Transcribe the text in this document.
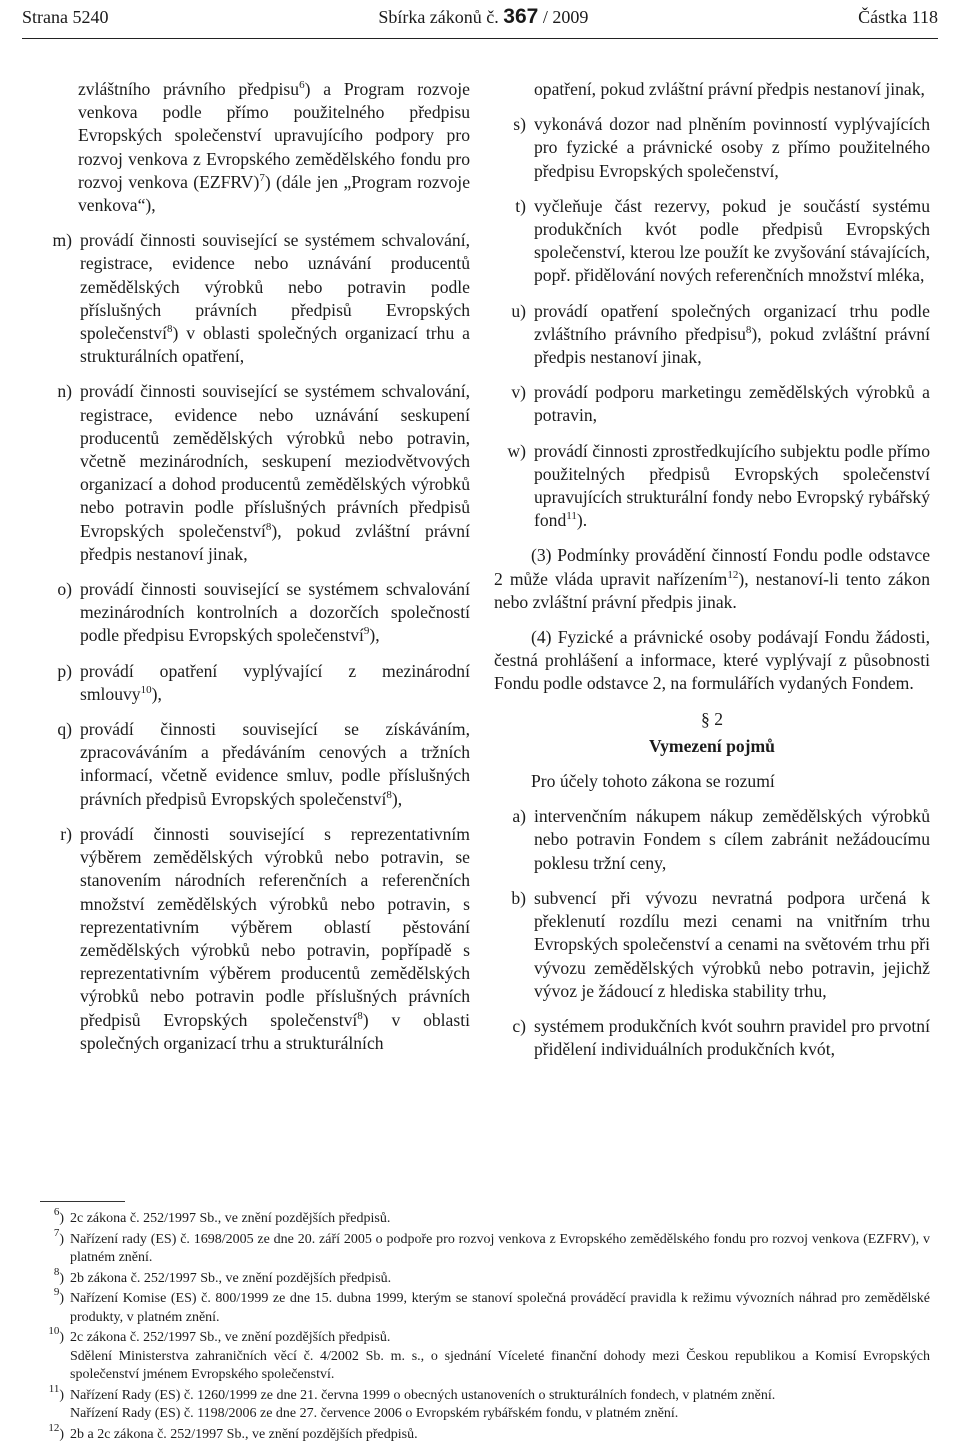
Strana 5240	Sbírka zákonů č. 367 / 2009	Částka 118

zvláštního právního předpisu$^6$) a Program rozvoje venkova podle přímo použitelného předpisu Evropských společenství upravujícího podpory pro rozvoj venkova z Evropského zemědělského fondu pro rozvoj venkova (EZFRV)$^7$) (dále jen „Program rozvoje venkova“),

m) provádí činnosti související se systémem schvalování, registrace, evidence nebo uznávání producentů zemědělských výrobků nebo potravin podle příslušných právních předpisů Evropských společenství$^8$) v oblasti společných organizací trhu a strukturálních opatření,
n) provádí činnosti související se systémem schvalování, registrace, evidence nebo uznávání seskupení producentů zemědělských výrobků nebo potravin, včetně mezinárodních, seskupení meziodvětvových organizací a dohod producentů zemědělských výrobků nebo potravin podle příslušných právních předpisů Evropských společenství$^8$), pokud zvláštní právní předpis nestanoví jinak,
o) provádí činnosti související se systémem schvalování mezinárodních kontrolních a dozorčích společností podle předpisu Evropských společenství$^9$),
p) provádí opatření vyplývající z mezinárodní smlouvy$^{10}$),
q) provádí činnosti související se získáváním, zpracováváním a předáváním cenových a tržních informací, včetně evidence smluv, podle příslušných právních předpisů Evropských společenství$^8$),
r) provádí činnosti související s reprezentativním výběrem zemědělských výrobků nebo potravin, se stanovením národních referenčních a referenčních množství zemědělských výrobků nebo potravin, s reprezentativním výběrem oblastí pěstování zemědělských výrobků nebo potravin, popřípadě s reprezentativním výběrem producentů zemědělských výrobků nebo potravin podle příslušných právních předpisů Evropských společenství$^8$) v oblasti společných organizací trhu a strukturálních

opatření, pokud zvláštní právní předpis nestanoví jinak,

s) vykonává dozor nad plněním povinností vyplývajících pro fyzické a právnické osoby z přímo použitelného předpisu Evropských společenství,
t) vyčleňuje část rezervy, pokud je součástí systému produkčních kvót podle předpisů Evropských společenství, kterou lze použít ke zvyšování stávajících, popř. přidělování nových referenčních množství mléka,
u) provádí opatření společných organizací trhu podle zvláštního právního předpisu$^8$), pokud zvláštní právní předpis nestanoví jinak,
v) provádí podporu marketingu zemědělských výrobků a potravin,
w) provádí činnosti zprostředkujícího subjektu podle přímo použitelných předpisů Evropských společenství upravujících strukturální fondy nebo Evropský rybářský fond$^{11}$).

(3) Podmínky provádění činností Fondu podle odstavce 2 může vláda upravit nařízením$^{12}$), nestanoví-li tento zákon nebo zvláštní právní předpis jinak.

(4) Fyzické a právnické osoby podávají Fondu žádosti, čestná prohlášení a informace, které vyplývají z působnosti Fondu podle odstavce 2, na formulářích vydaných Fondem.

§ 2
Vymezení pojmů

Pro účely tohoto zákona se rozumí

a) intervenčním nákupem nákup zemědělských výrobků nebo potravin Fondem s cílem zabránit nežádoucímu poklesu tržní ceny,
b) subvencí při vývozu nevratná podpora určená k překlenutí rozdílu mezi cenami na vnitřním trhu Evropských společenství a cenami na světovém trhu při vývozu zemědělských výrobků nebo potravin, jejichž vývoz je žádoucí z hlediska stability trhu,
c) systémem produkčních kvót souhrn pravidel pro prvotní přidělení individuálních produkčních kvót,
$^6$) 2c zákona č. 252/1997 Sb., ve znění pozdějších předpisů.
$^7$) Nařízení rady (ES) č. 1698/2005 ze dne 20. září 2005 o podpoře pro rozvoj venkova z Evropského zemědělského fondu pro rozvoj venkova (EZFRV), v platném znění.
$^8$) 2b zákona č. 252/1997 Sb., ve znění pozdějších předpisů.
$^9$) Nařízení Komise (ES) č. 800/1999 ze dne 15. dubna 1999, kterým se stanoví společná prováděcí pravidla k režimu vývozních náhrad pro zemědělské produkty, v platném znění.
$^{10}$) 2c zákona č. 252/1997 Sb., ve znění pozdějších předpisů.
Sdělení Ministerstva zahraničních věcí č. 4/2002 Sb. m. s., o sjednání Víceleté finanční dohody mezi Českou republikou a Komisí Evropských společenství jménem Evropského společenství.
$^{11}$) Nařízení Rady (ES) č. 1260/1999 ze dne 21. června 1999 o obecných ustanoveních o strukturálních fondech, v platném znění.
Nařízení Rady (ES) č. 1198/2006 ze dne 27. července 2006 o Evropském rybářském fondu, v platném znění.
$^{12}$) 2b a 2c zákona č. 252/1997 Sb., ve znění pozdějších předpisů.
